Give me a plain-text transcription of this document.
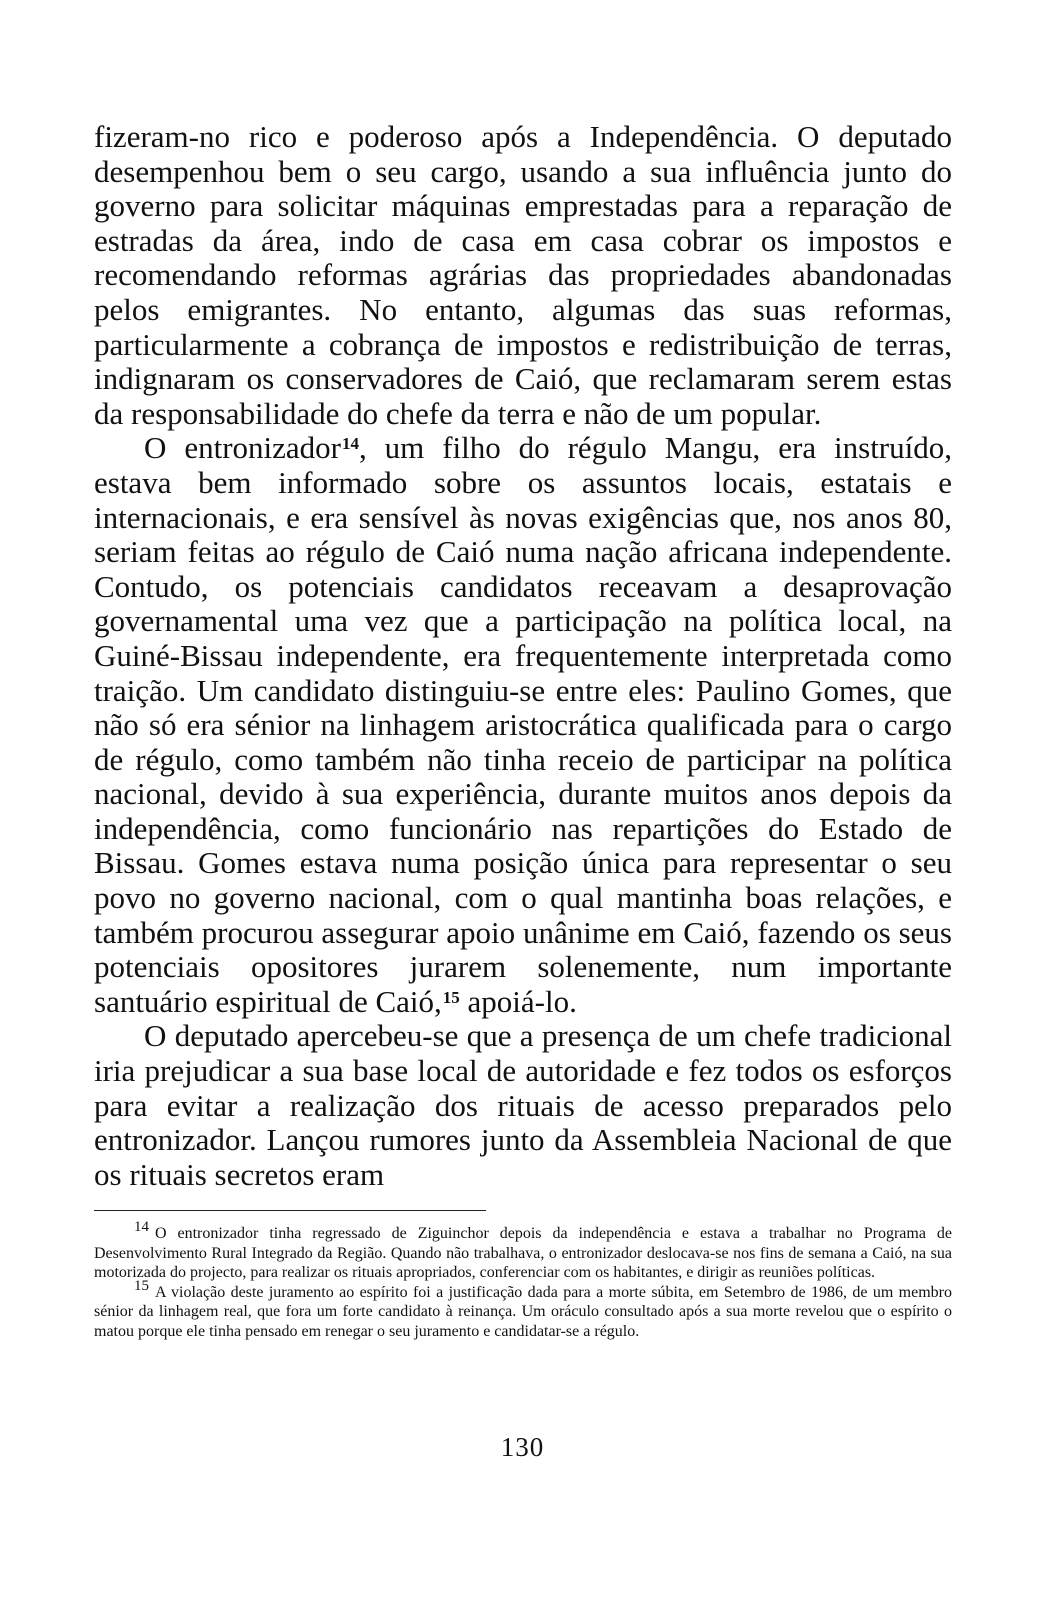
fizeram-no rico e poderoso após a Independência. O deputado desempenhou bem o seu cargo, usando a sua influência junto do governo para solicitar máquinas emprestadas para a reparação de estradas da área, indo de casa em casa cobrar os impostos e recomendando reformas agrárias das propriedades abandonadas pelos emigrantes. No entanto, algumas das suas reformas, particularmente a cobrança de impostos e redistribuição de terras, indignaram os conservadores de Caió, que reclamaram serem estas da responsabilidade do chefe da terra e não de um popular.

O entronizador$^{14}$, um filho do régulo Mangu, era instruído, estava bem informado sobre os assuntos locais, estatais e internacionais, e era sensível às novas exigências que, nos anos 80, seriam feitas ao régulo de Caió numa nação africana independente. Contudo, os potenciais candidatos receavam a desaprovação governamental uma vez que a participação na política local, na Guiné-Bissau independente, era frequentemente interpretada como traição. Um candidato distinguiu-se entre eles: Paulino Gomes, que não só era sénior na linhagem aristocrática qualificada para o cargo de régulo, como também não tinha receio de participar na política nacional, devido à sua experiência, durante muitos anos depois da independência, como funcionário nas repartições do Estado de Bissau. Gomes estava numa posição única para representar o seu povo no governo nacional, com o qual mantinha boas relações, e também procurou assegurar apoio unânime em Caió, fazendo os seus potenciais opositores jurarem solenemente, num importante santuário espiritual de Caió,$^{15}$ apoiá-lo.

O deputado apercebeu-se que a presença de um chefe tradicional iria prejudicar a sua base local de autoridade e fez todos os esforços para evitar a realização dos rituais de acesso preparados pelo entronizador. Lançou rumores junto da Assembleia Nacional de que os rituais secretos eram

$^{14}$ O entronizador tinha regressado de Ziguinchor depois da independência e estava a trabalhar no Programa de Desenvolvimento Rural Integrado da Região. Quando não trabalhava, o entronizador deslocava-se nos fins de semana a Caió, na sua motorizada do projecto, para realizar os rituais apropriados, conferenciar com os habitantes, e dirigir as reuniões políticas.

$^{15}$ A violação deste juramento ao espírito foi a justificação dada para a morte súbita, em Setembro de 1986, de um membro sénior da linhagem real, que fora um forte candidato à reinança. Um oráculo consultado após a sua morte revelou que o espírito o matou porque ele tinha pensado em renegar o seu juramento e candidatar-se a régulo.

130
